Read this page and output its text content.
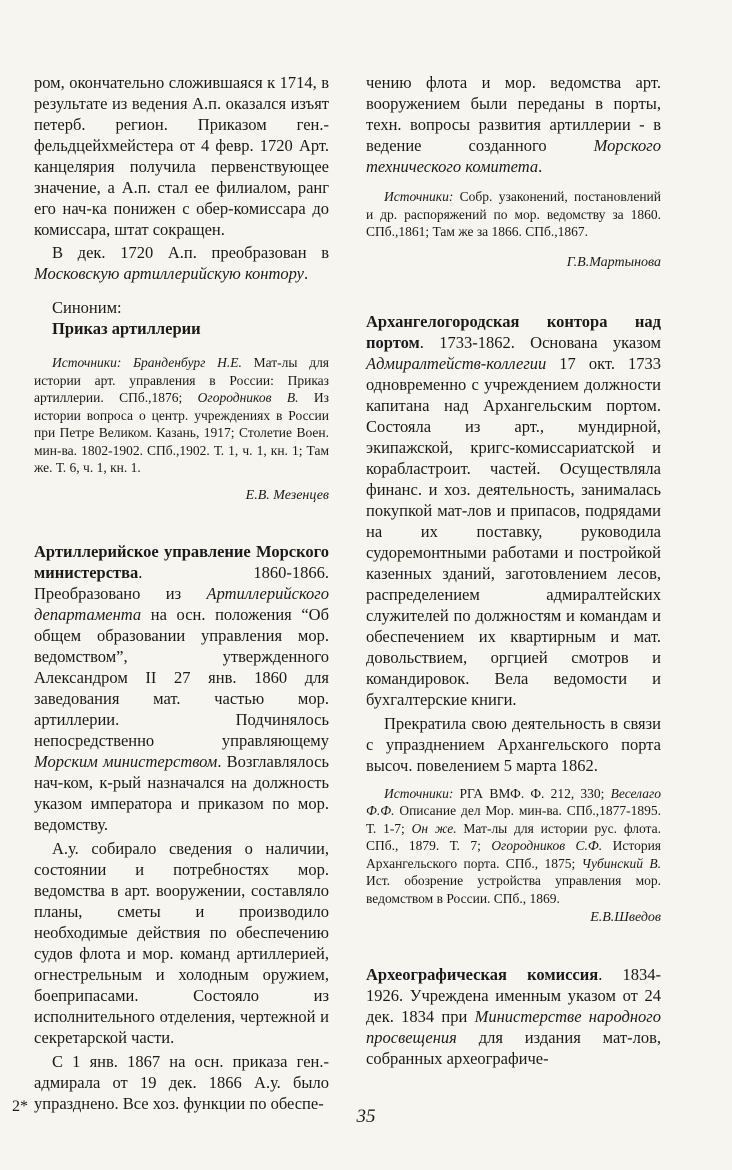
ром, окончательно сложившаяся к 1714, в результате из ведения А.п. оказался изъят петерб. регион. Приказом ген.-фельдцейхмейстера от 4 февр. 1720 Арт. канцелярия получила первенствующее значение, а А.п. стал ее филиалом, ранг его нач-ка понижен с обер-комиссара до комиссара, штат сокращен.

В дек. 1720 А.п. преобразован в Московскую артиллерийскую контору.

Синоним:
Приказ артиллерии

Источники: Бранденбург Н.Е. Мат-лы для истории арт. управления в России: Приказ артиллерии. СПб.,1876; Огородников В. Из истории вопроса о центр. учреждениях в России при Петре Великом. Казань, 1917; Столетие Воен. мин-ва. 1802-1902. СПб.,1902. Т. 1, ч. 1, кн. 1; Там же. Т. 6, ч. 1, кн. 1.

Е.В. Мезенцев

Артиллерийское управление Морского министерства. 1860-1866. Преобразовано из Артиллерийского департамента на осн. положения “Об общем образовании управления мор. ведомством”, утвержденного Александром II 27 янв. 1860 для заведования мат. частью мор. артиллерии. Подчинялось непосредственно управляющему Морским министерством. Возглавлялось нач-ком, к-рый назначался на должность указом императора и приказом по мор. ведомству.

А.у. собирало сведения о наличии, состоянии и потребностях мор. ведомства в арт. вооружении, составляло планы, сметы и производило необходимые действия по обеспечению судов флота и мор. команд артиллерией, огнестрельным и холодным оружием, боеприпасами. Состояло из исполнительного отделения, чертежной и секретарской части.

С 1 янв. 1867 на осн. приказа ген.-адмирала от 19 дек. 1866 А.у. было упразднено. Все хоз. функции по обеспе-

чению флота и мор. ведомства арт. вооружением были переданы в порты, техн. вопросы развития артиллерии - в ведение созданного Морского технического комитета.

Источники: Собр. узаконений, постановлений и др. распоряжений по мор. ведомству за 1860. СПб.,1861; Там же за 1866. СПб.,1867.

Г.В.Мартынова

Архангелогородская контора над портом. 1733-1862. Основана указом Адмиралтейств-коллегии 17 окт. 1733 одновременно с учреждением должности капитана над Архангельским портом. Состояла из арт., мундирной, экипажской, кригс-комиссариатской и корабластроит. частей. Осуществляла финанс. и хоз. деятельность, занималась покупкой мат-лов и припасов, подрядами на их поставку, руководила судоремонтными работами и постройкой казенных зданий, заготовлением лесов, распределением адмиралтейских служителей по должностям и командам и обеспечением их квартирным и мат. довольствием, оргцией смотров и командировок. Вела ведомости и бухгалтерские книги.

Прекратила свою деятельность в связи с упразднением Архангельского порта высоч. повелением 5 марта 1862.

Источники: РГА ВМФ. Ф. 212, 330; Веселаго Ф.Ф. Описание дел Мор. мин-ва. СПб.,1877-1895. Т. 1-7; Он же. Мат-лы для истории рус. флота. СПб., 1879. Т. 7; Огородников С.Ф. История Архангельского порта. СПб., 1875; Чубинский В. Ист. обозрение устройства управления мор. ведомством в России. СПб., 1869.

Е.В.Шведов

Археографическая комиссия. 1834-1926. Учреждена именным указом от 24 дек. 1834 при Министерстве народного просвещения для издания мат-лов, собранных археографиче-

2*	35
